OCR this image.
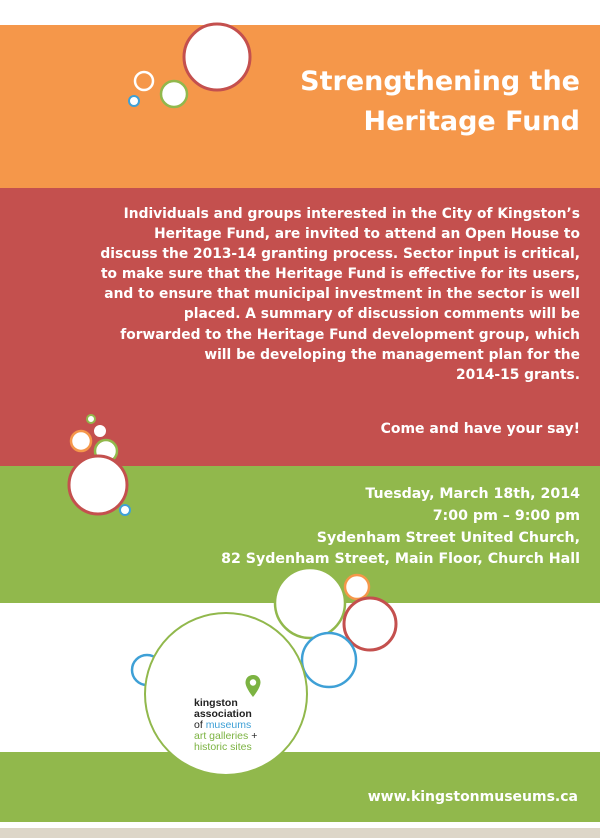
Strengthening the
Heritage Fund
Individuals and groups interested in the City of Kingston’s
Heritage Fund, are invited to attend an Open House to
discuss the 2013-14 granting process. Sector input is critical,
to make sure that the Heritage Fund is effective for its users,
and to ensure that municipal investment in the sector is well
placed. A summary of discussion comments will be
forwarded to the Heritage Fund development group, which
will be developing the management plan for the
2014-15 grants.

Come and have your say!

Tuesday, March 18th, 2014
7:00 pm – 9:00 pm
Sydenham Street United Church,
82 Sydenham Street, Main Floor, Church Hall
kingston
association
of museums
art galleries +
historic sites

www.kingstonmuseums.ca
